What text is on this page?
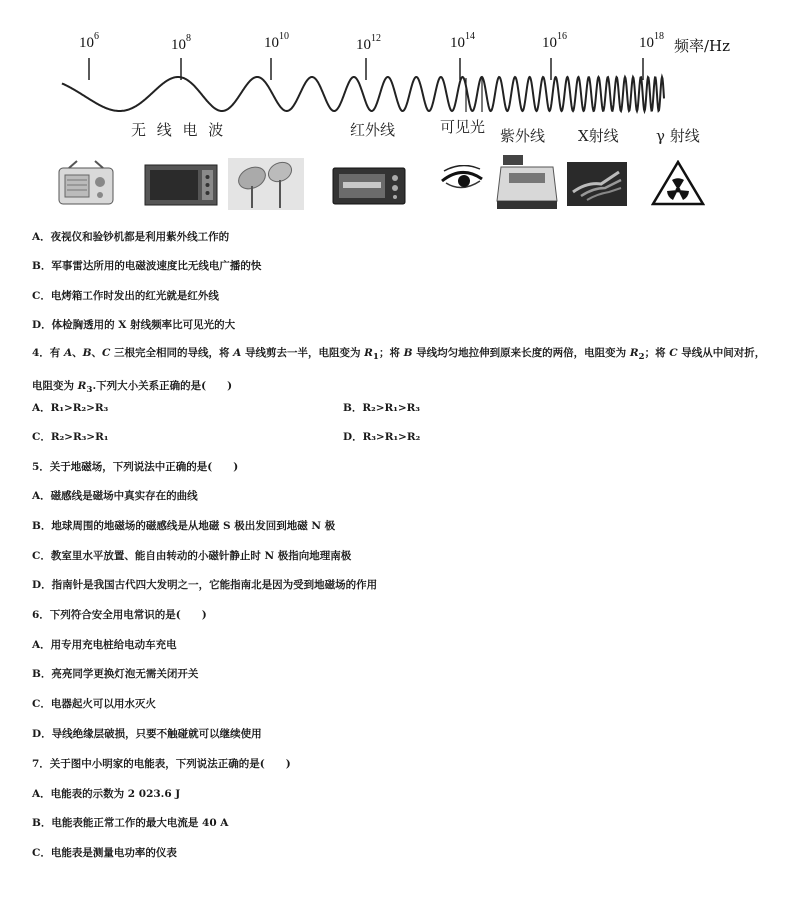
$10^6$
$10^8$	$10^{10}$
$10^{12}$	$10^{14}$	$10^{16}$	$10^{18}$
频率/Hz
无 线 电 波	红外线	可见光 紫外线 X射线 γ 射线
A．夜视仪和验钞机都是利用紫外线工作的
B．军事雷达所用的电磁波速度比无线电广播的快
C．电烤箱工作时发出的红光就是红外线
D．体检胸透用的 X 射线频率比可见光的大
4．有 A、B、C 三根完全相同的导线，将 A 导线剪去一半，电阻变为 $R_1$；将 B 导线均匀地拉伸到原来长度的两倍，电阻变为 $R_2$；将 C 导线从中间对折，电阻变为 $R_3$.下列大小关系正确的是(　　)
A．R₁>R₂>R₃	B．R₂>R₁>R₃
C．R₂>R₃>R₁	D．R₃>R₁>R₂
5．关于地磁场，下列说法中正确的是(　　)
A．磁感线是磁场中真实存在的曲线
B．地球周围的地磁场的磁感线是从地磁 S 极出发回到地磁 N 极
C．教室里水平放置、能自由转动的小磁针静止时 N 极指向地理南极
D．指南针是我国古代四大发明之一，它能指南北是因为受到地磁场的作用
6．下列符合安全用电常识的是(　　)
A．用专用充电桩给电动车充电
B．亮亮同学更换灯泡无需关闭开关
C．电器起火可以用水灭火
D．导线绝缘层破损，只要不触碰就可以继续使用
7．关于图中小明家的电能表，下列说法正确的是(　　)
A．电能表的示数为 2 023.6 J
B．电能表能正常工作的最大电流是 40 A
C．电能表是测量电功率的仪表
